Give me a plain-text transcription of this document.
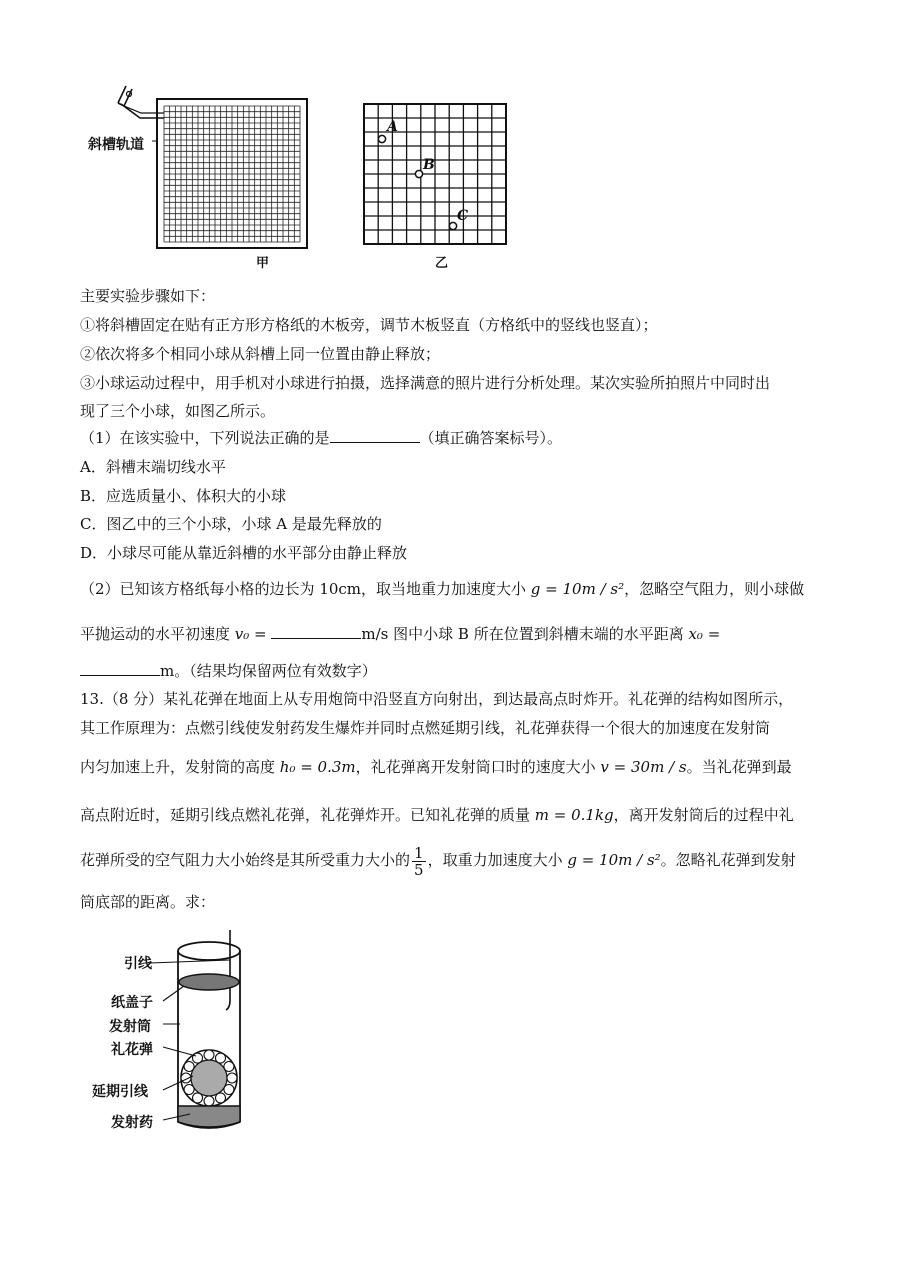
斜槽轨道
甲	乙
A
B
C
主要实验步骤如下：
①将斜槽固定在贴有正方形方格纸的木板旁，调节木板竖直（方格纸中的竖线也竖直）；
②依次将多个相同小球从斜槽上同一位置由静止释放；
③小球运动过程中，用手机对小球进行拍摄，选择满意的照片进行分析处理。某次实验所拍照片中同时出
现了三个小球，如图乙所示。
（1）在该实验中，下列说法正确的是	（填正确答案标号）。
A．斜槽末端切线水平
B．应选质量小、体积大的小球
C．图乙中的三个小球，小球 A 是最先释放的
D．小球尽可能从靠近斜槽的水平部分由静止释放
（2）已知该方格纸每小格的边长为 10cm，取当地重力加速度大小 g = 10m / s²，忽略空气阻力，则小球做
平抛运动的水平初速度 v₀ =	m/s 图中小球 B 所在位置到斜槽末端的水平距离 x₀ =
m。（结果均保留两位有效数字）
13.（8 分）某礼花弹在地面上从专用炮筒中沿竖直方向射出，到达最高点时炸开。礼花弹的结构如图所示，
其工作原理为：点燃引线使发射药发生爆炸并同时点燃延期引线，礼花弹获得一个很大的加速度在发射筒
内匀加速上升，发射筒的高度 h₀ = 0.3m，礼花弹离开发射筒口时的速度大小 v = 30m / s。当礼花弹到最
高点附近时，延期引线点燃礼花弹，礼花弹炸开。已知礼花弹的质量 m = 0.1kg，离开发射筒后的过程中礼
花弹所受的空气阻力大小始终是其所受重力大小的 $\frac{1}{5}$ ，取重力加速度大小 g = 10m / s²。忽略礼花弹到发射
筒底部的距离。求：
引线
纸盖子
发射筒
礼花弹
延期引线
发射药
